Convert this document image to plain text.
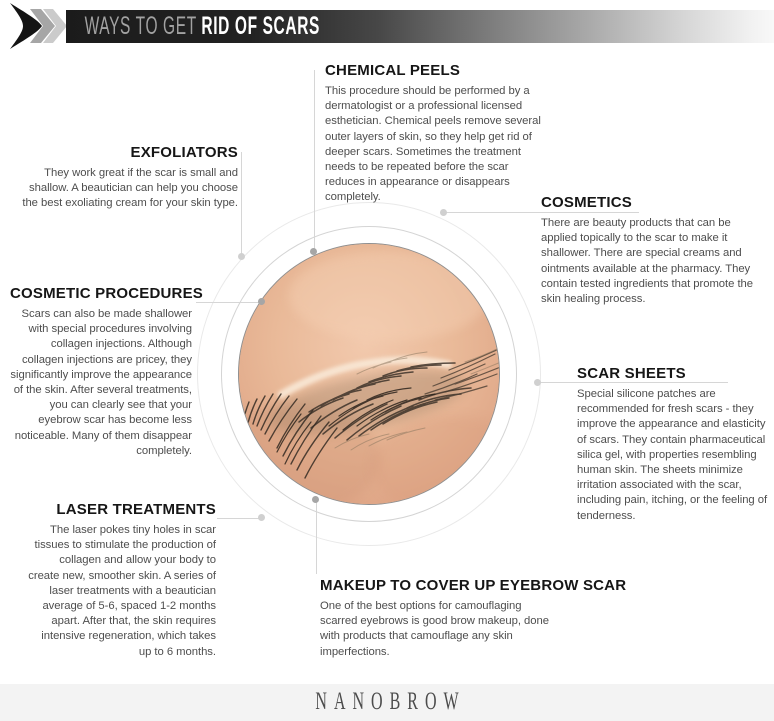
WAYS TO GET RID OF SCARS
CHEMICAL PEELS

This procedure should be performed by a dermatologist or a professional licensed esthetician. Chemical peels remove several outer layers of skin, so they help get rid of deeper scars. Sometimes the treatment needs to be repeated before the scar reduces in appearance or disappears completely.

EXFOLIATORS

They work great if the scar is small and shallow. A beautician can help you choose the best exoliating cream for your skin type.	COSMETICS

There are beauty products that can be applied topically to the scar to make it shallower. There are special creams and ointments available at the pharmacy. They contain tested ingredients that promote the skin healing process.

COSMETIC PROCEDURES

Scars can also be made shallower with special procedures involving collagen injections. Although collagen injections are pricey, they significantly improve the appearance of the skin. After several treatments, you can clearly see that your eyebrow scar has become less noticeable. Many of them disappear completely.

SCAR SHEETS

Special silicone patches are recommended for fresh scars - they improve the appearance and elasticity of scars. They contain pharmaceutical silica gel, with properties resembling human skin. The sheets minimize irritation associated with the scar, including pain, itching, or the feeling of tenderness.

LASER TREATMENTS

The laser pokes tiny holes in scar tissues to stimulate the production of collagen and allow your body to create new, smoother skin. A series of laser treatments with a beautician average of 5-6, spaced 1-2 months apart. After that, the skin requires intensive regeneration, which takes up to 6 months.

MAKEUP TO COVER UP EYEBROW SCAR

One of the best options for camouflaging scarred eyebrows is good brow makeup, done with products that camouflage any skin imperfections.

NANOBROW
